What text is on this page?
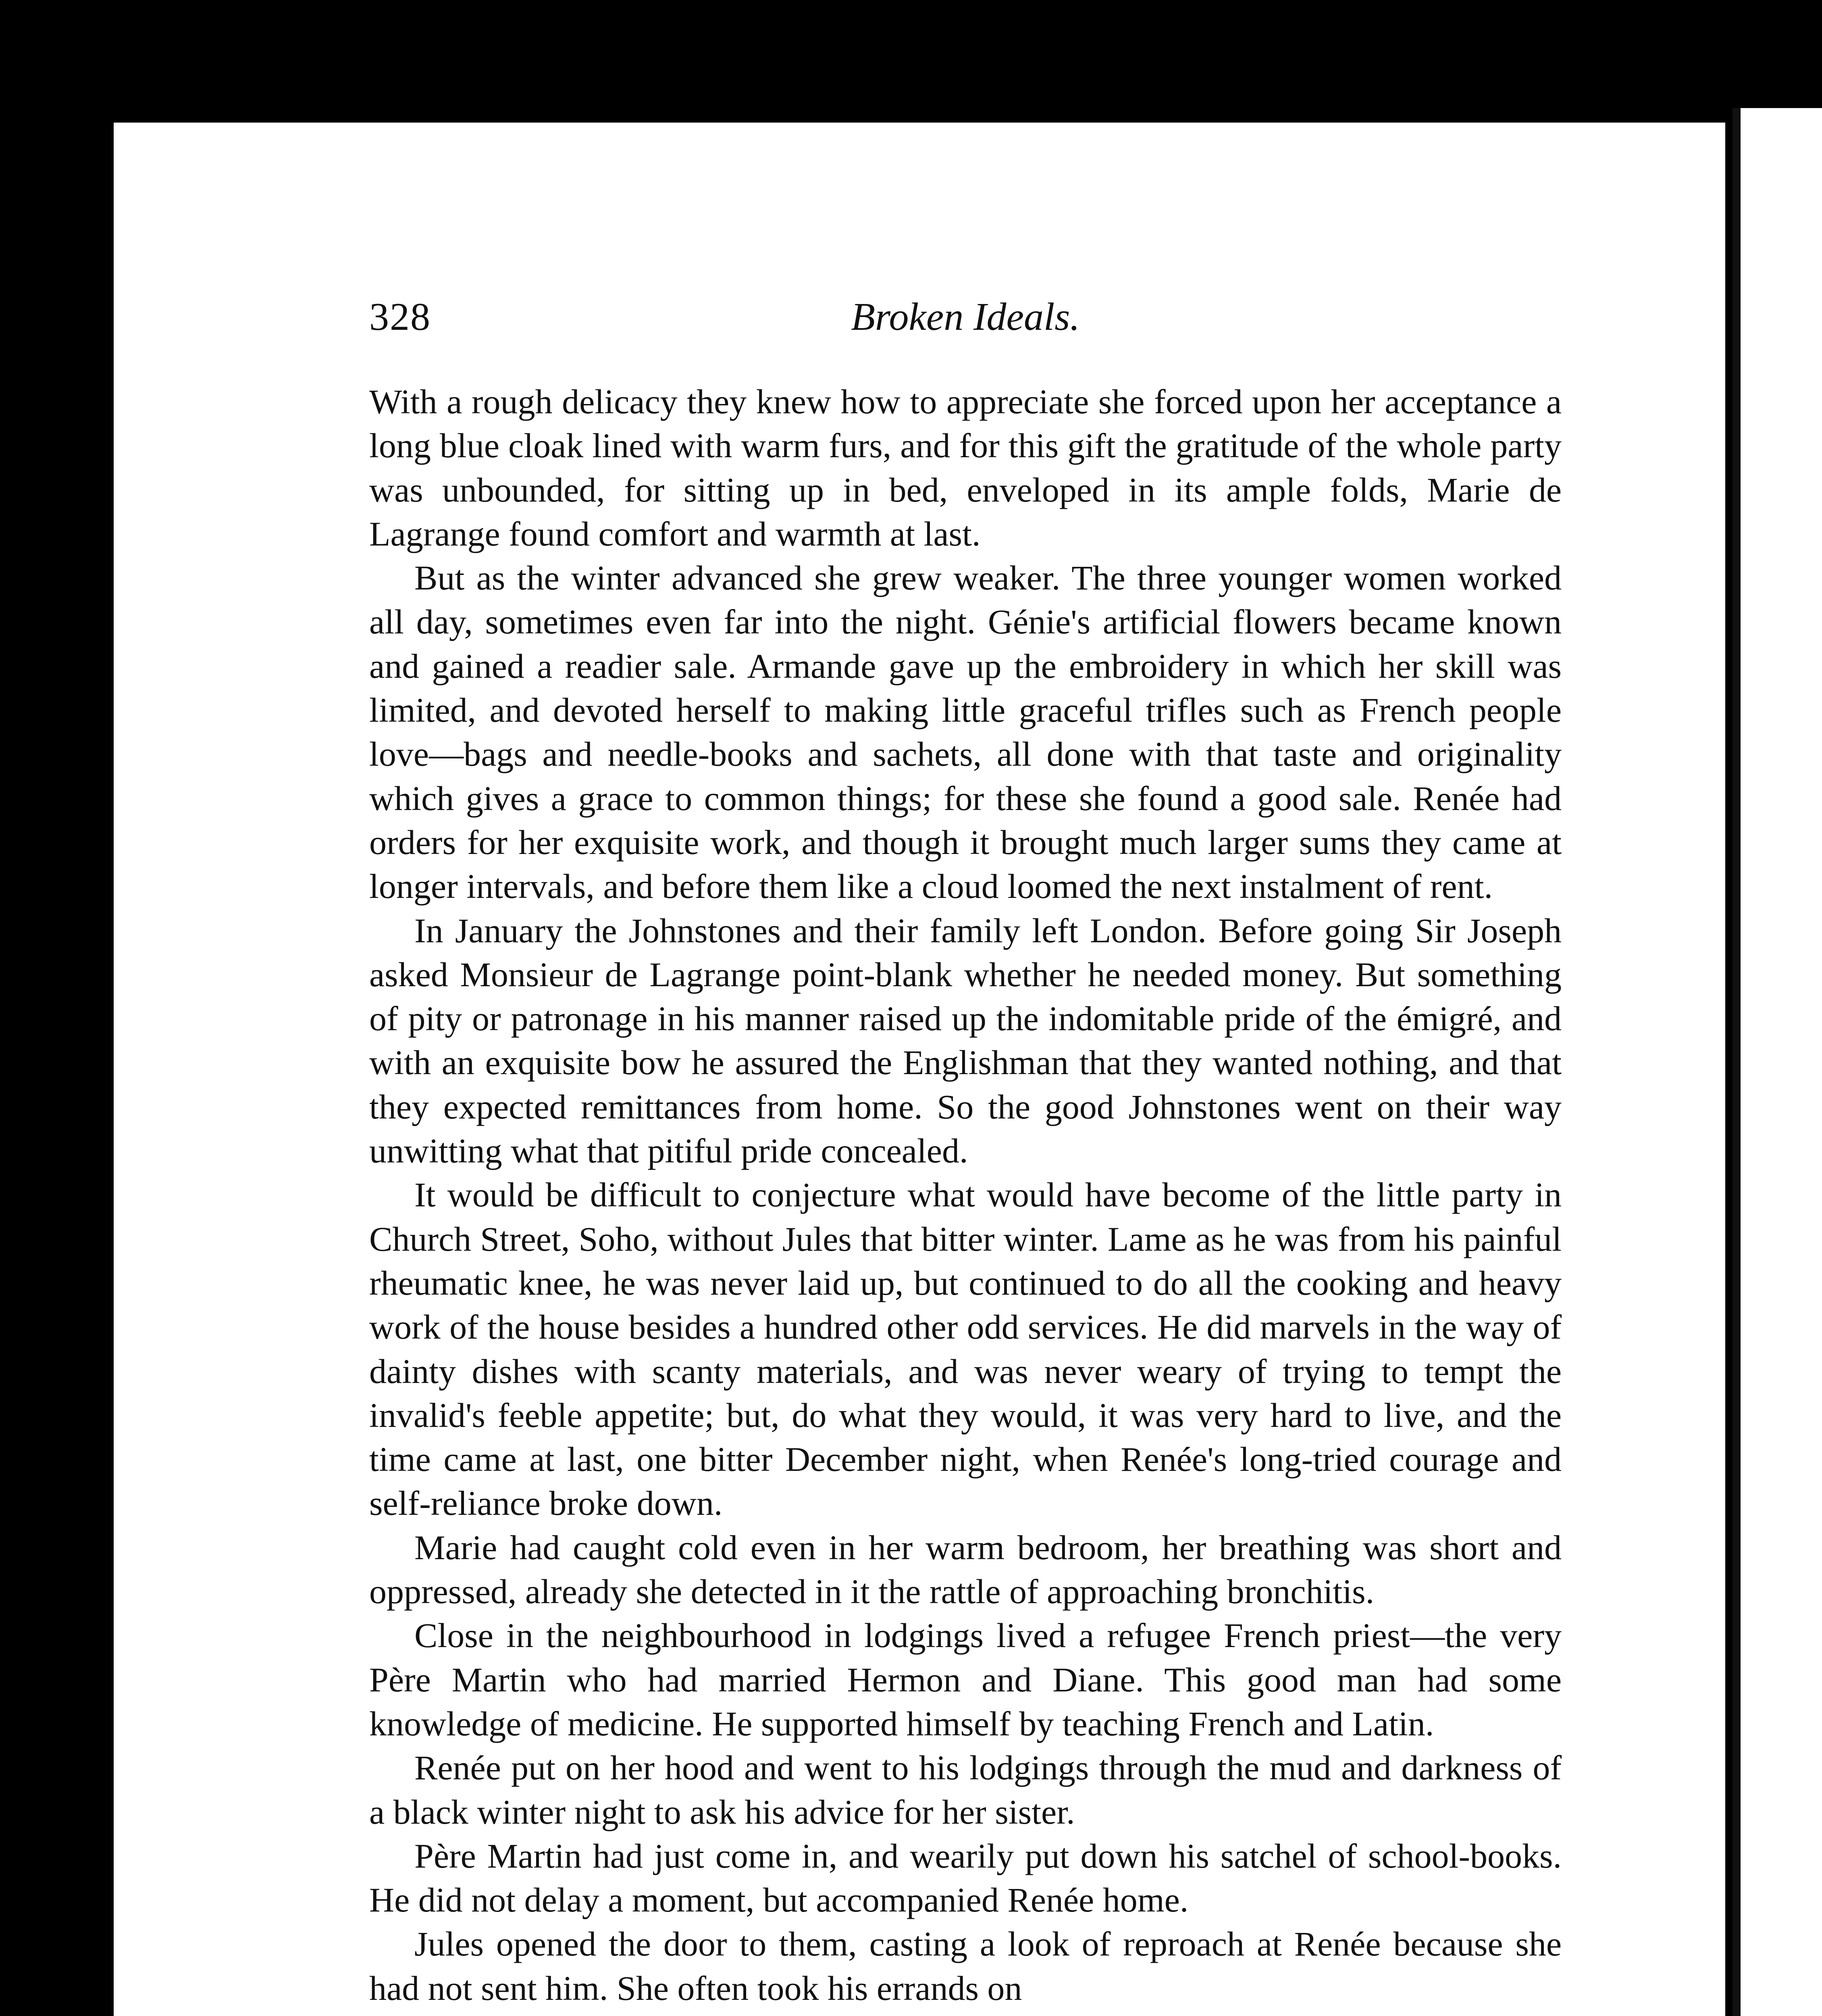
328	Broken Ideals.

With a rough delicacy they knew how to appreciate she forced upon her acceptance a long blue cloak lined with warm furs, and for this gift the gratitude of the whole party was unbounded, for sitting up in bed, enveloped in its ample folds, Marie de Lagrange found comfort and warmth at last.

But as the winter advanced she grew weaker. The three younger women worked all day, sometimes even far into the night. Génie's artificial flowers became known and gained a readier sale. Armande gave up the embroidery in which her skill was limited, and devoted herself to making little graceful trifles such as French people love—bags and needle-books and sachets, all done with that taste and originality which gives a grace to common things; for these she found a good sale. Renée had orders for her exquisite work, and though it brought much larger sums they came at longer intervals, and before them like a cloud loomed the next instalment of rent.

In January the Johnstones and their family left London. Before going Sir Joseph asked Monsieur de Lagrange point-blank whether he needed money. But something of pity or patronage in his manner raised up the indomitable pride of the émigré, and with an exquisite bow he assured the Englishman that they wanted nothing, and that they expected remittances from home. So the good Johnstones went on their way unwitting what that pitiful pride concealed.

It would be difficult to conjecture what would have become of the little party in Church Street, Soho, without Jules that bitter winter. Lame as he was from his painful rheumatic knee, he was never laid up, but continued to do all the cooking and heavy work of the house besides a hundred other odd services. He did marvels in the way of dainty dishes with scanty materials, and was never weary of trying to tempt the invalid's feeble appetite; but, do what they would, it was very hard to live, and the time came at last, one bitter December night, when Renée's long-tried courage and self-reliance broke down.

Marie had caught cold even in her warm bedroom, her breathing was short and oppressed, already she detected in it the rattle of approaching bronchitis.

Close in the neighbourhood in lodgings lived a refugee French priest—the very Père Martin who had married Hermon and Diane. This good man had some knowledge of medicine. He supported himself by teaching French and Latin.

Renée put on her hood and went to his lodgings through the mud and darkness of a black winter night to ask his advice for her sister.

Père Martin had just come in, and wearily put down his satchel of school-books. He did not delay a moment, but accompanied Renée home.

Jules opened the door to them, casting a look of reproach at Renée because she had not sent him. She often took his errands on
